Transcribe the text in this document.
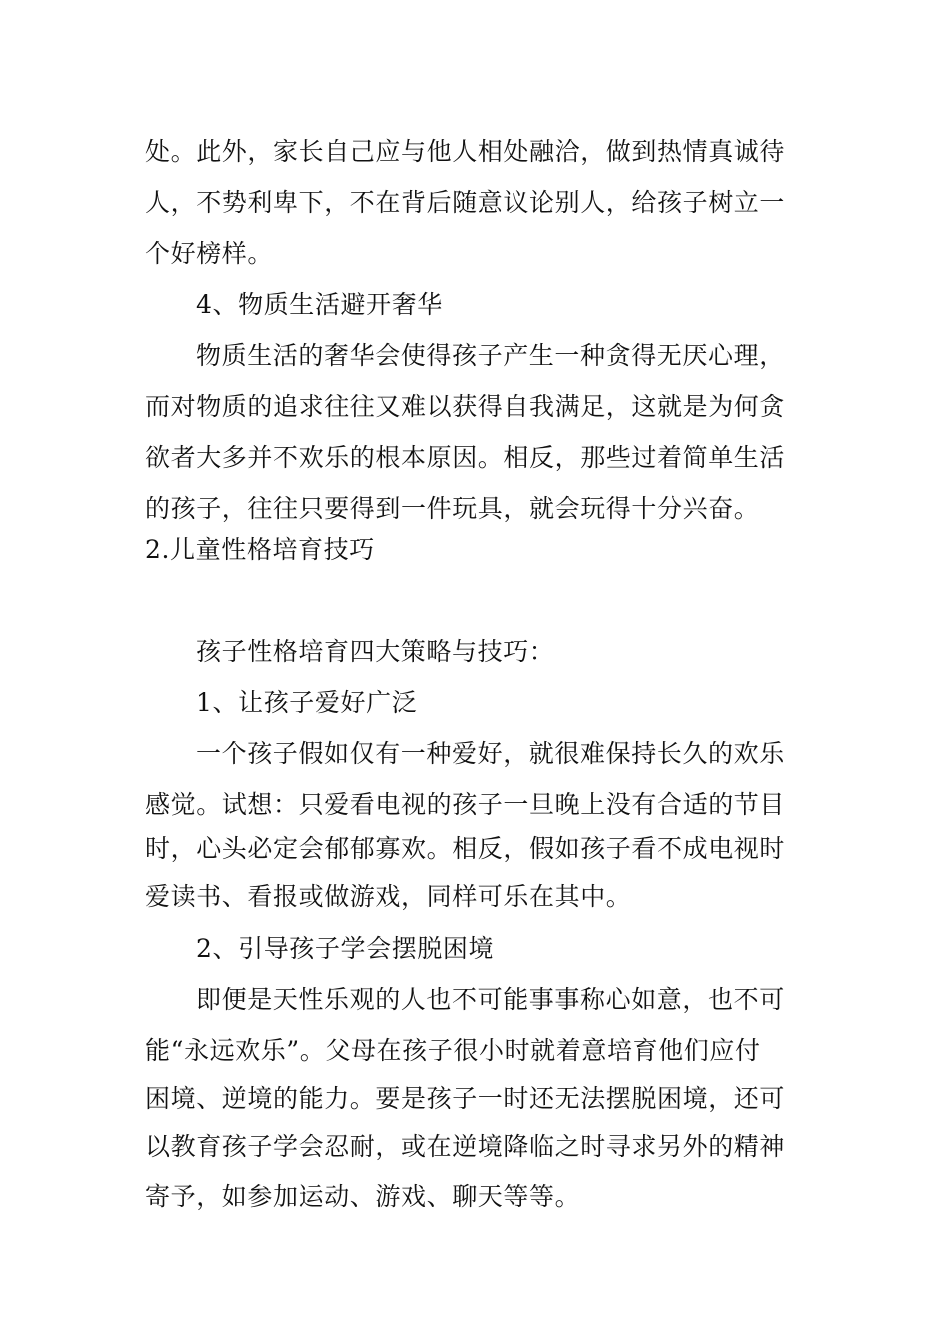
处。此外，家长自己应与他人相处融洽，做到热情真诚待
人，不势利卑下，不在背后随意议论别人，给孩子树立一
个好榜样。
4、物质生活避开奢华
物质生活的奢华会使得孩子产生一种贪得无厌心理，
而对物质的追求往往又难以获得自我满足，这就是为何贪
欲者大多并不欢乐的根本原因。相反，那些过着简单生活
的孩子，往往只要得到一件玩具，就会玩得十分兴奋。
2.儿童性格培育技巧
孩子性格培育四大策略与技巧：
1、让孩子爱好广泛
一个孩子假如仅有一种爱好，就很难保持长久的欢乐
感觉。试想：只爱看电视的孩子一旦晚上没有合适的节目
时，心头必定会郁郁寡欢。相反，假如孩子看不成电视时
爱读书、看报或做游戏，同样可乐在其中。
2、引导孩子学会摆脱困境
即便是天性乐观的人也不可能事事称心如意，也不可
能“永远欢乐”。父母在孩子很小时就着意培育他们应付
困境、逆境的能力。要是孩子一时还无法摆脱困境，还可
以教育孩子学会忍耐，或在逆境降临之时寻求另外的精神
寄予，如参加运动、游戏、聊天等等。
